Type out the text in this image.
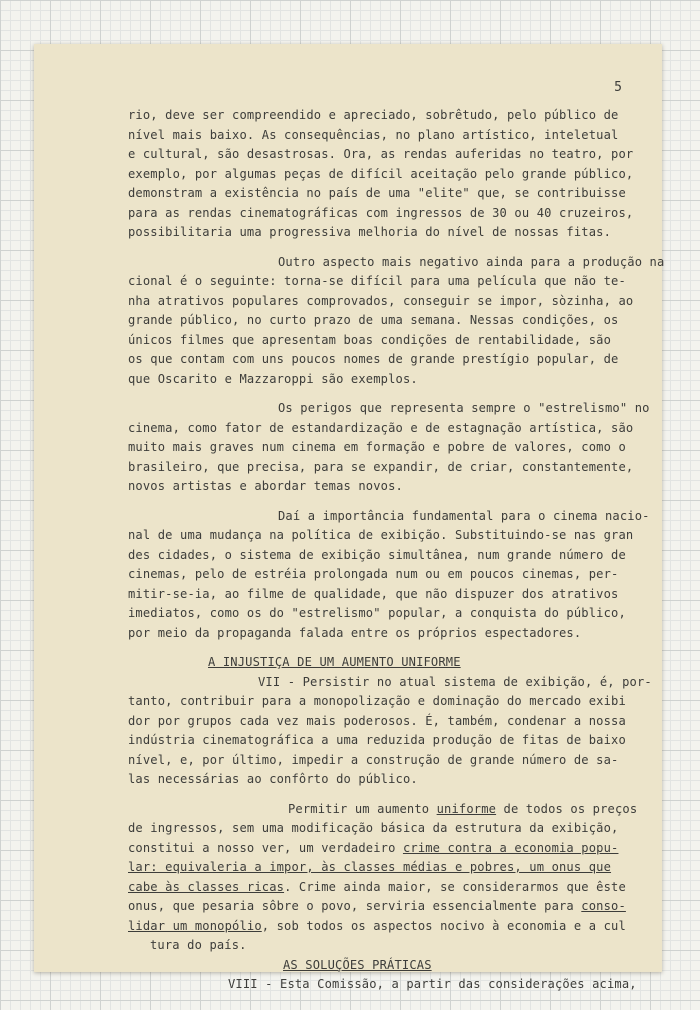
5

rio, deve ser compreendido e apreciado, sobrêtudo, pelo público de
nível mais baixo. As consequências, no plano artístico, inteletual
e cultural, são desastrosas. Ora, as rendas auferidas no teatro, por
exemplo, por algumas peças de difícil aceitação pelo grande público,
demonstram a existência no país de uma "elite" que, se contribuisse
para as rendas cinematográficas com ingressos de 30 ou 40 cruzeiros,
possibilitaria uma progressiva melhoria do nível de nossas fitas.

Outro aspecto mais negativo ainda para a produção na
cional é o seguinte: torna-se difícil para uma película que não te-
nha atrativos populares comprovados, conseguir se impor, sòzinha, ao
grande público, no curto prazo de uma semana. Nessas condições, os
únicos filmes que apresentam boas condições de rentabilidade, são
os que contam com uns poucos nomes de grande prestígio popular, de
que Oscarito e Mazzaroppi são exemplos.

Os perigos que representa sempre o "estrelismo" no
cinema, como fator de estandardização e de estagnação artística, são
muito mais graves num cinema em formação e pobre de valores, como o
brasileiro, que precisa, para se expandir, de criar, constantemente,
novos artistas e abordar temas novos.

Daí a importância fundamental para o cinema nacio-
nal de uma mudança na política de exibição. Substituindo-se nas gran
des cidades, o sistema de exibição simultânea, num grande número de
cinemas, pelo de estréia prolongada num ou em poucos cinemas, per-
mitir-se-ia, ao filme de qualidade, que não dispuzer dos atrativos
imediatos, como os do "estrelismo" popular, a conquista do público,
por meio da propaganda falada entre os próprios espectadores.

A INJUSTIÇA DE UM AUMENTO UNIFORME

VII - Persistir no atual sistema de exibição, é, por-
tanto, contribuir para a monopolização e dominação do mercado exibi
dor por grupos cada vez mais poderosos. É, também, condenar a nossa
indústria cinematográfica a uma reduzida produção de fitas de baixo
nível, e, por último, impedir a construção de grande número de sa-
las necessárias ao confôrto do público.

Permitir um aumento uniforme de todos os preços
de ingressos, sem uma modificação básica da estrutura da exibição,
constitui a nosso ver, um verdadeiro crime contra a economia popu-
lar: equivaleria a impor, às classes médias e pobres, um onus que
cabe às classes ricas. Crime ainda maior, se considerarmos que êste
onus, que pesaria sôbre o povo, serviria essencialmente para conso-
lidar um monopólio, sob todos os aspectos nocivo à economia e a cul
tura do país.

AS SOLUÇÕES PRÁTICAS

VIII - Esta Comissão, a partir das considerações acima,
